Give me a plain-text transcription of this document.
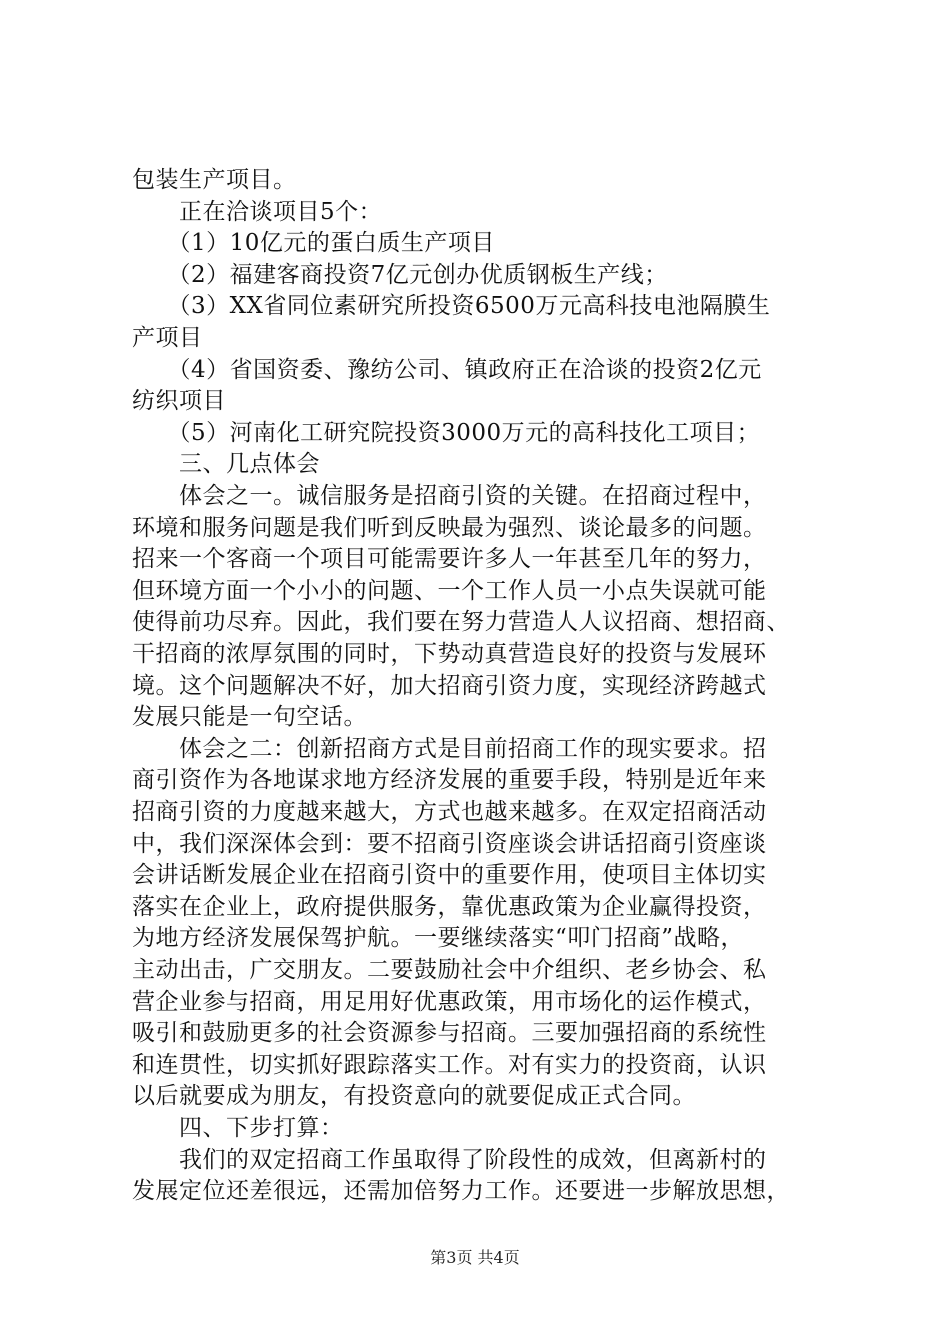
包装生产项目。
　　正在洽谈项目5个：
　　（1）10亿元的蛋白质生产项目
　　（2）福建客商投资7亿元创办优质钢板生产线；
　　（3）XX省同位素研究所投资6500万元高科技电池隔膜生
产项目
　　（4）省国资委、豫纺公司、镇政府正在洽谈的投资2亿元
纺织项目
　　（5）河南化工研究院投资3000万元的高科技化工项目；
　　三、几点体会
　　体会之一。诚信服务是招商引资的关键。在招商过程中，
环境和服务问题是我们听到反映最为强烈、谈论最多的问题。
招来一个客商一个项目可能需要许多人一年甚至几年的努力，
但环境方面一个小小的问题、一个工作人员一小点失误就可能
使得前功尽弃。因此，我们要在努力营造人人议招商、想招商、
干招商的浓厚氛围的同时，下势动真营造良好的投资与发展环
境。这个问题解决不好，加大招商引资力度，实现经济跨越式
发展只能是一句空话。
　　体会之二：创新招商方式是目前招商工作的现实要求。招
商引资作为各地谋求地方经济发展的重要手段，特别是近年来
招商引资的力度越来越大，方式也越来越多。在双定招商活动
中，我们深深体会到：要不招商引资座谈会讲话招商引资座谈
会讲话断发展企业在招商引资中的重要作用，使项目主体切实
落实在企业上，政府提供服务，靠优惠政策为企业赢得投资，
为地方经济发展保驾护航。一要继续落实“叩门招商”战略，
主动出击，广交朋友。二要鼓励社会中介组织、老乡协会、私
营企业参与招商，用足用好优惠政策，用市场化的运作模式，
吸引和鼓励更多的社会资源参与招商。三要加强招商的系统性
和连贯性，切实抓好跟踪落实工作。对有实力的投资商，认识
以后就要成为朋友，有投资意向的就要促成正式合同。
　　四、下步打算：
　　我们的双定招商工作虽取得了阶段性的成效，但离新村的
发展定位还差很远，还需加倍努力工作。还要进一步解放思想，
第3页 共4页
